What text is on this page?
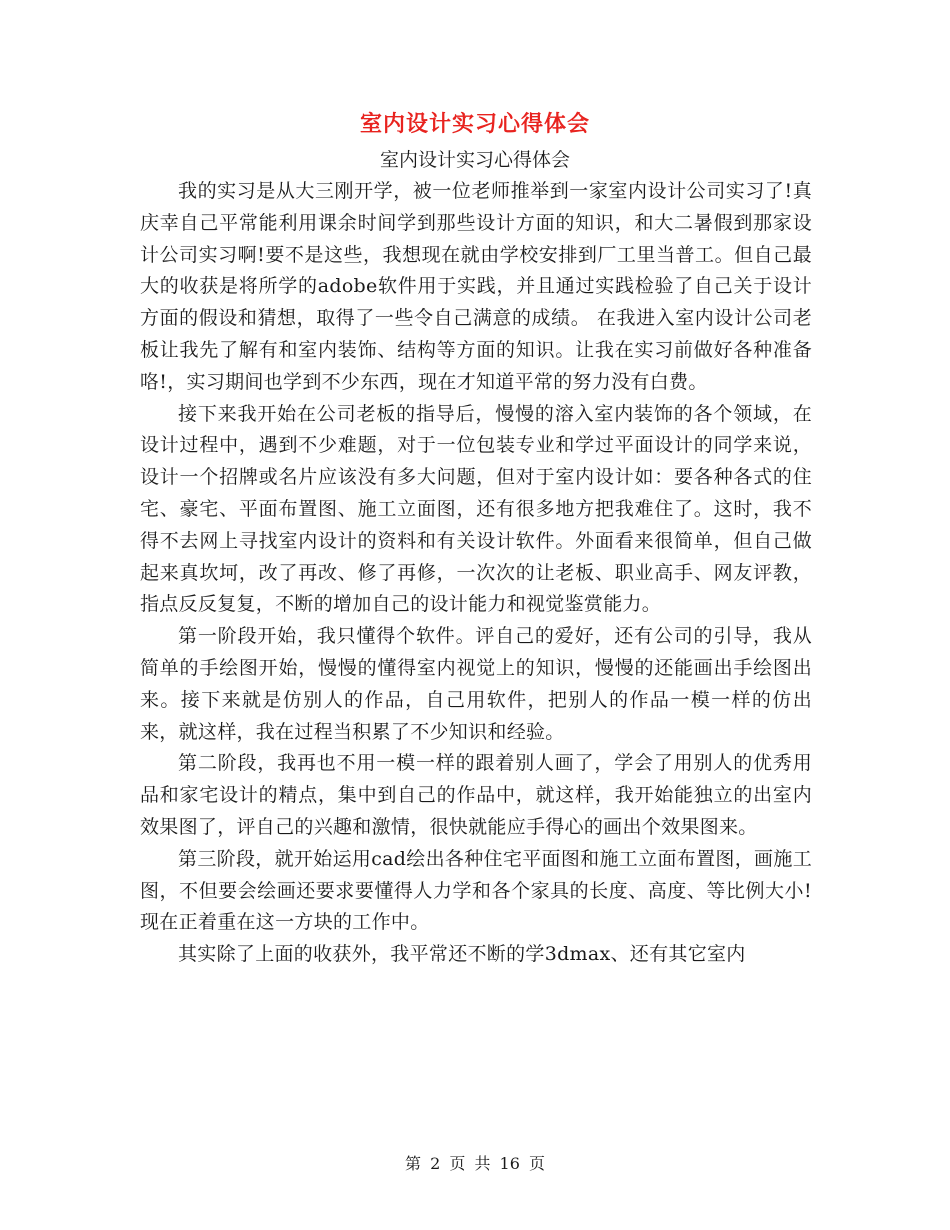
室内设计实习心得体会
室内设计实习心得体会

我的实习是从大三刚开学，被一位老师推举到一家室内设计公司实习了!真庆幸自己平常能利用课余时间学到那些设计方面的知识，和大二暑假到那家设计公司实习啊!要不是这些，我想现在就由学校安排到厂工里当普工。但自己最大的收获是将所学的adobe软件用于实践，并且通过实践检验了自己关于设计方面的假设和猜想，取得了一些令自己满意的成绩。 在我进入室内设计公司老板让我先了解有和室内装饰、结构等方面的知识。让我在实习前做好各种准备咯!，实习期间也学到不少东西，现在才知道平常的努力没有白费。

接下来我开始在公司老板的指导后，慢慢的溶入室内装饰的各个领域，在设计过程中，遇到不少难题，对于一位包装专业和学过平面设计的同学来说，设计一个招牌或名片应该没有多大问题，但对于室内设计如：要各种各式的住宅、豪宅、平面布置图、施工立面图，还有很多地方把我难住了。这时，我不得不去网上寻找室内设计的资料和有关设计软件。外面看来很简单，但自己做起来真坎坷，改了再改、修了再修，一次次的让老板、职业高手、网友评教，指点反反复复，不断的增加自己的设计能力和视觉鉴赏能力。

第一阶段开始，我只懂得个软件。评自己的爱好，还有公司的引导，我从简单的手绘图开始，慢慢的懂得室内视觉上的知识，慢慢的还能画出手绘图出来。接下来就是仿别人的作品，自己用软件，把别人的作品一模一样的仿出来，就这样，我在过程当积累了不少知识和经验。

第二阶段，我再也不用一模一样的跟着别人画了，学会了用别人的优秀用品和家宅设计的精点，集中到自己的作品中，就这样，我开始能独立的出室内效果图了，评自己的兴趣和激情，很快就能应手得心的画出个效果图来。

第三阶段，就开始运用cad绘出各种住宅平面图和施工立面布置图，画施工图，不但要会绘画还要求要懂得人力学和各个家具的长度、高度、等比例大小!现在正着重在这一方块的工作中。

其实除了上面的收获外，我平常还不断的学3dmax、还有其它室内

第 2 页 共 16 页
